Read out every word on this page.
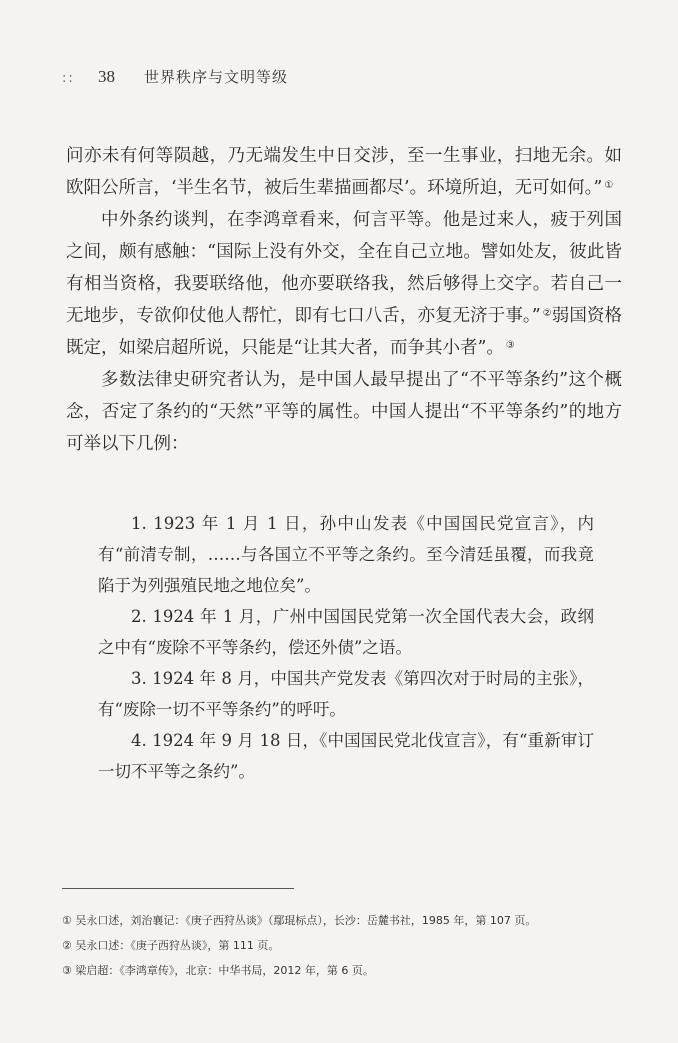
::	38	世界秩序与文明等级

问亦未有何等陨越，乃无端发生中日交涉，至一生事业，扫地无余。如欧阳公所言，‘半生名节，被后生辈描画都尽’。环境所迫，无可如何。” ①

中外条约谈判，在李鸿章看来，何言平等。他是过来人，疲于列国之间，颇有感触：“国际上没有外交，全在自己立地。譬如处友，彼此皆有相当资格，我要联络他，他亦要联络我，然后够得上交字。若自己一无地步，专欲仰仗他人帮忙，即有七口八舌，亦复无济于事。” ②弱国资格既定，如梁启超所说，只能是“让其大者，而争其小者”。 ③

多数法律史研究者认为，是中国人最早提出了“不平等条约”这个概念，否定了条约的“天然”平等的属性。中国人提出“不平等条约”的地方可举以下几例：

1. 1923 年 1 月 1 日，孙中山发表《中国国民党宣言》，内有“前清专制，……与各国立不平等之条约。至今清廷虽覆，而我竟陷于为列强殖民地之地位矣”。

2. 1924 年 1 月，广州中国国民党第一次全国代表大会，政纲之中有“废除不平等条约，偿还外债”之语。

3. 1924 年 8 月，中国共产党发表《第四次对于时局的主张》，有“废除一切不平等条约”的呼吁。

4. 1924 年 9 月 18 日，《中国国民党北伐宣言》，有“重新审订一切不平等之条约”。

① 吴永口述，刘治襄记：《庚子西狩丛谈》（鄢琨标点），长沙：岳麓书社，1985 年，第 107 页。
② 吴永口述：《庚子西狩丛谈》，第 111 页。
③ 梁启超：《李鸿章传》，北京：中华书局，2012 年，第 6 页。
